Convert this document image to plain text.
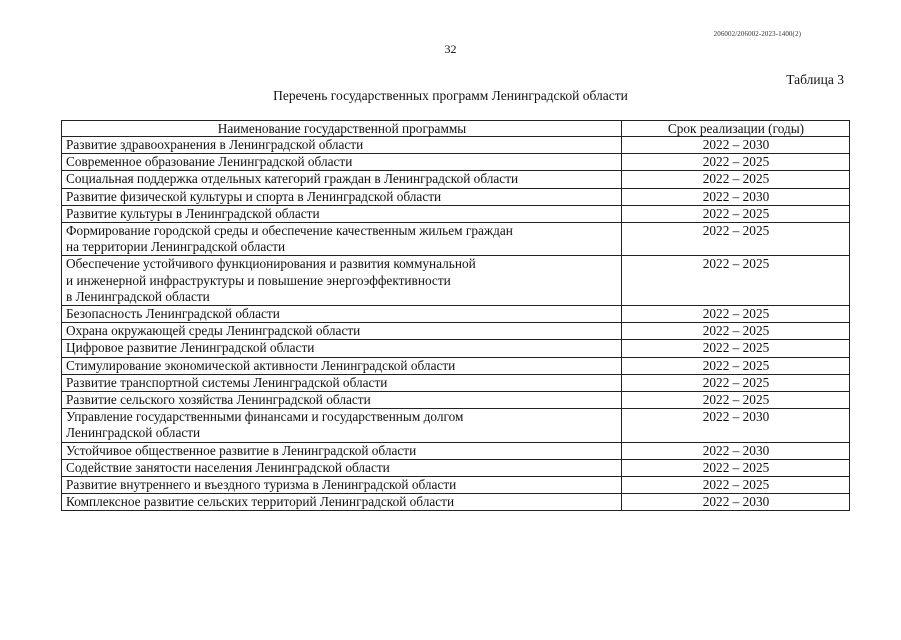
206002/206002-2023-1400(2)
32
Таблица 3
Перечень государственных программ Ленинградской области
Наименование государственной программы	Срок реализации (годы)

Развитие здравоохранения в Ленинградской области	2022 – 2030

Современное образование Ленинградской области	2022 – 2025

Социальная поддержка отдельных категорий граждан в Ленинградской области	2022 – 2025

Развитие физической культуры и спорта в Ленинградской области	2022 – 2030

Развитие культуры в Ленинградской области	2022 – 2025

Формирование городской среды и обеспечение качественным жильем граждан
на территории Ленинградской области	2022 – 2025

Обеспечение устойчивого функционирования и развития коммунальной
и инженерной инфраструктуры и повышение энергоэффективности
в Ленинградской области	2022 – 2025

Безопасность Ленинградской области	2022 – 2025

Охрана окружающей среды Ленинградской области	2022 – 2025

Цифровое развитие Ленинградской области	2022 – 2025

Стимулирование экономической активности Ленинградской области	2022 – 2025

Развитие транспортной системы Ленинградской области	2022 – 2025

Развитие сельского хозяйства Ленинградской области	2022 – 2025

Управление государственными финансами и государственным долгом
Ленинградской области	2022 – 2030

Устойчивое общественное развитие в Ленинградской области	2022 – 2030

Содействие занятости населения Ленинградской области	2022 – 2025

Развитие внутреннего и въездного туризма в Ленинградской области	2022 – 2025

Комплексное развитие сельских территорий Ленинградской области	2022 – 2030
